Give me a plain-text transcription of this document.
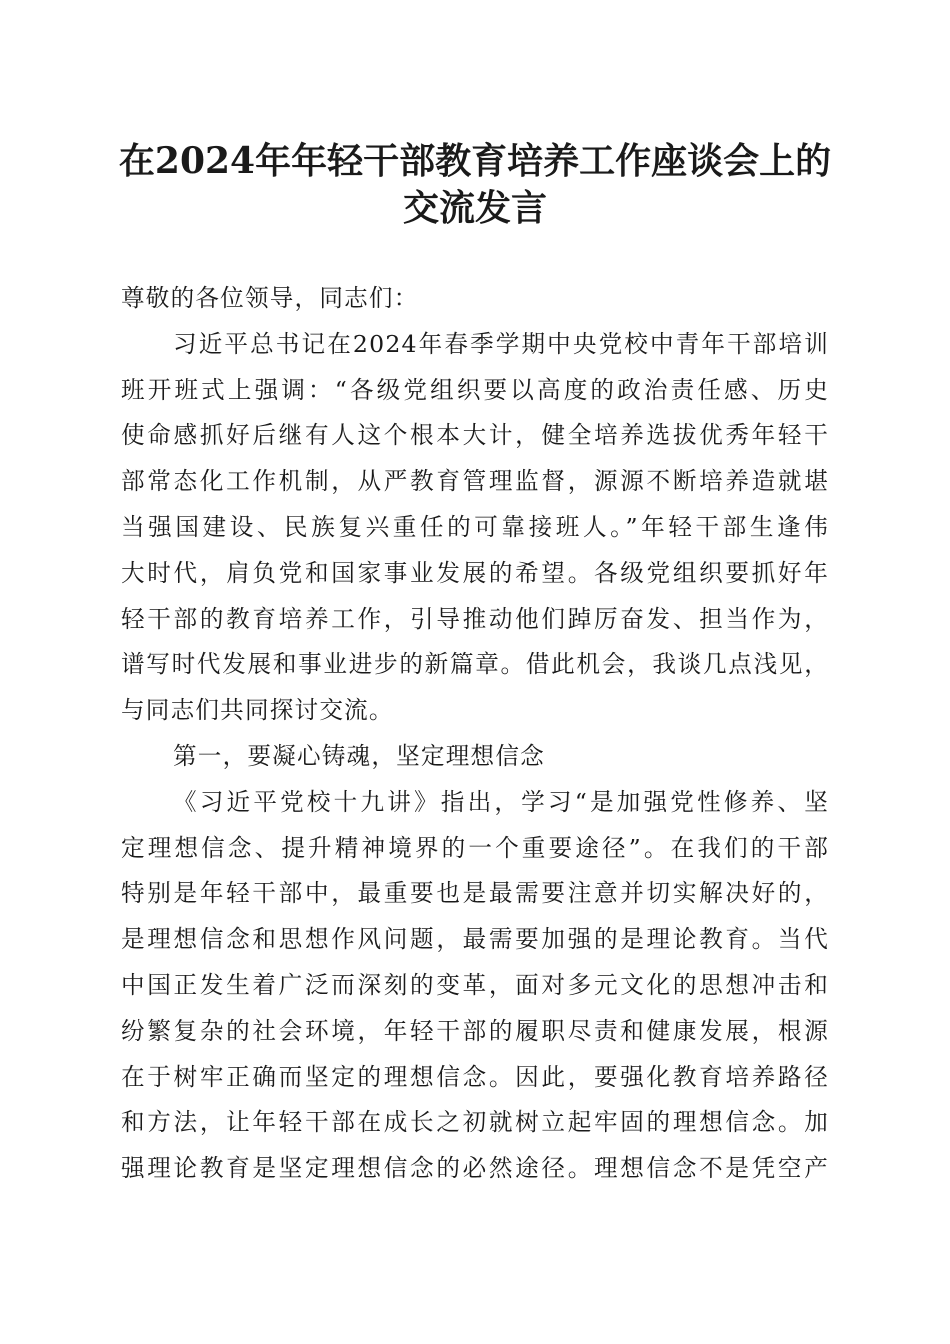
在2024年年轻干部教育培养工作座谈会上的
交流发言
尊敬的各位领导，同志们：
习近平总书记在2024年春季学期中央党校中青年干部培训
班开班式上强调：“各级党组织要以高度的政治责任感、历史
使命感抓好后继有人这个根本大计，健全培养选拔优秀年轻干
部常态化工作机制，从严教育管理监督，源源不断培养造就堪
当强国建设、民族复兴重任的可靠接班人。”年轻干部生逢伟
大时代，肩负党和国家事业发展的希望。各级党组织要抓好年
轻干部的教育培养工作，引导推动他们踔厉奋发、担当作为，
谱写时代发展和事业进步的新篇章。借此机会，我谈几点浅见，
与同志们共同探讨交流。
第一，要凝心铸魂，坚定理想信念
《习近平党校十九讲》指出，学习“是加强党性修养、坚
定理想信念、提升精神境界的一个重要途径”。在我们的干部
特别是年轻干部中，最重要也是最需要注意并切实解决好的，
是理想信念和思想作风问题，最需要加强的是理论教育。当代
中国正发生着广泛而深刻的变革，面对多元文化的思想冲击和
纷繁复杂的社会环境，年轻干部的履职尽责和健康发展，根源
在于树牢正确而坚定的理想信念。因此，要强化教育培养路径
和方法，让年轻干部在成长之初就树立起牢固的理想信念。加
强理论教育是坚定理想信念的必然途径。理想信念不是凭空产
